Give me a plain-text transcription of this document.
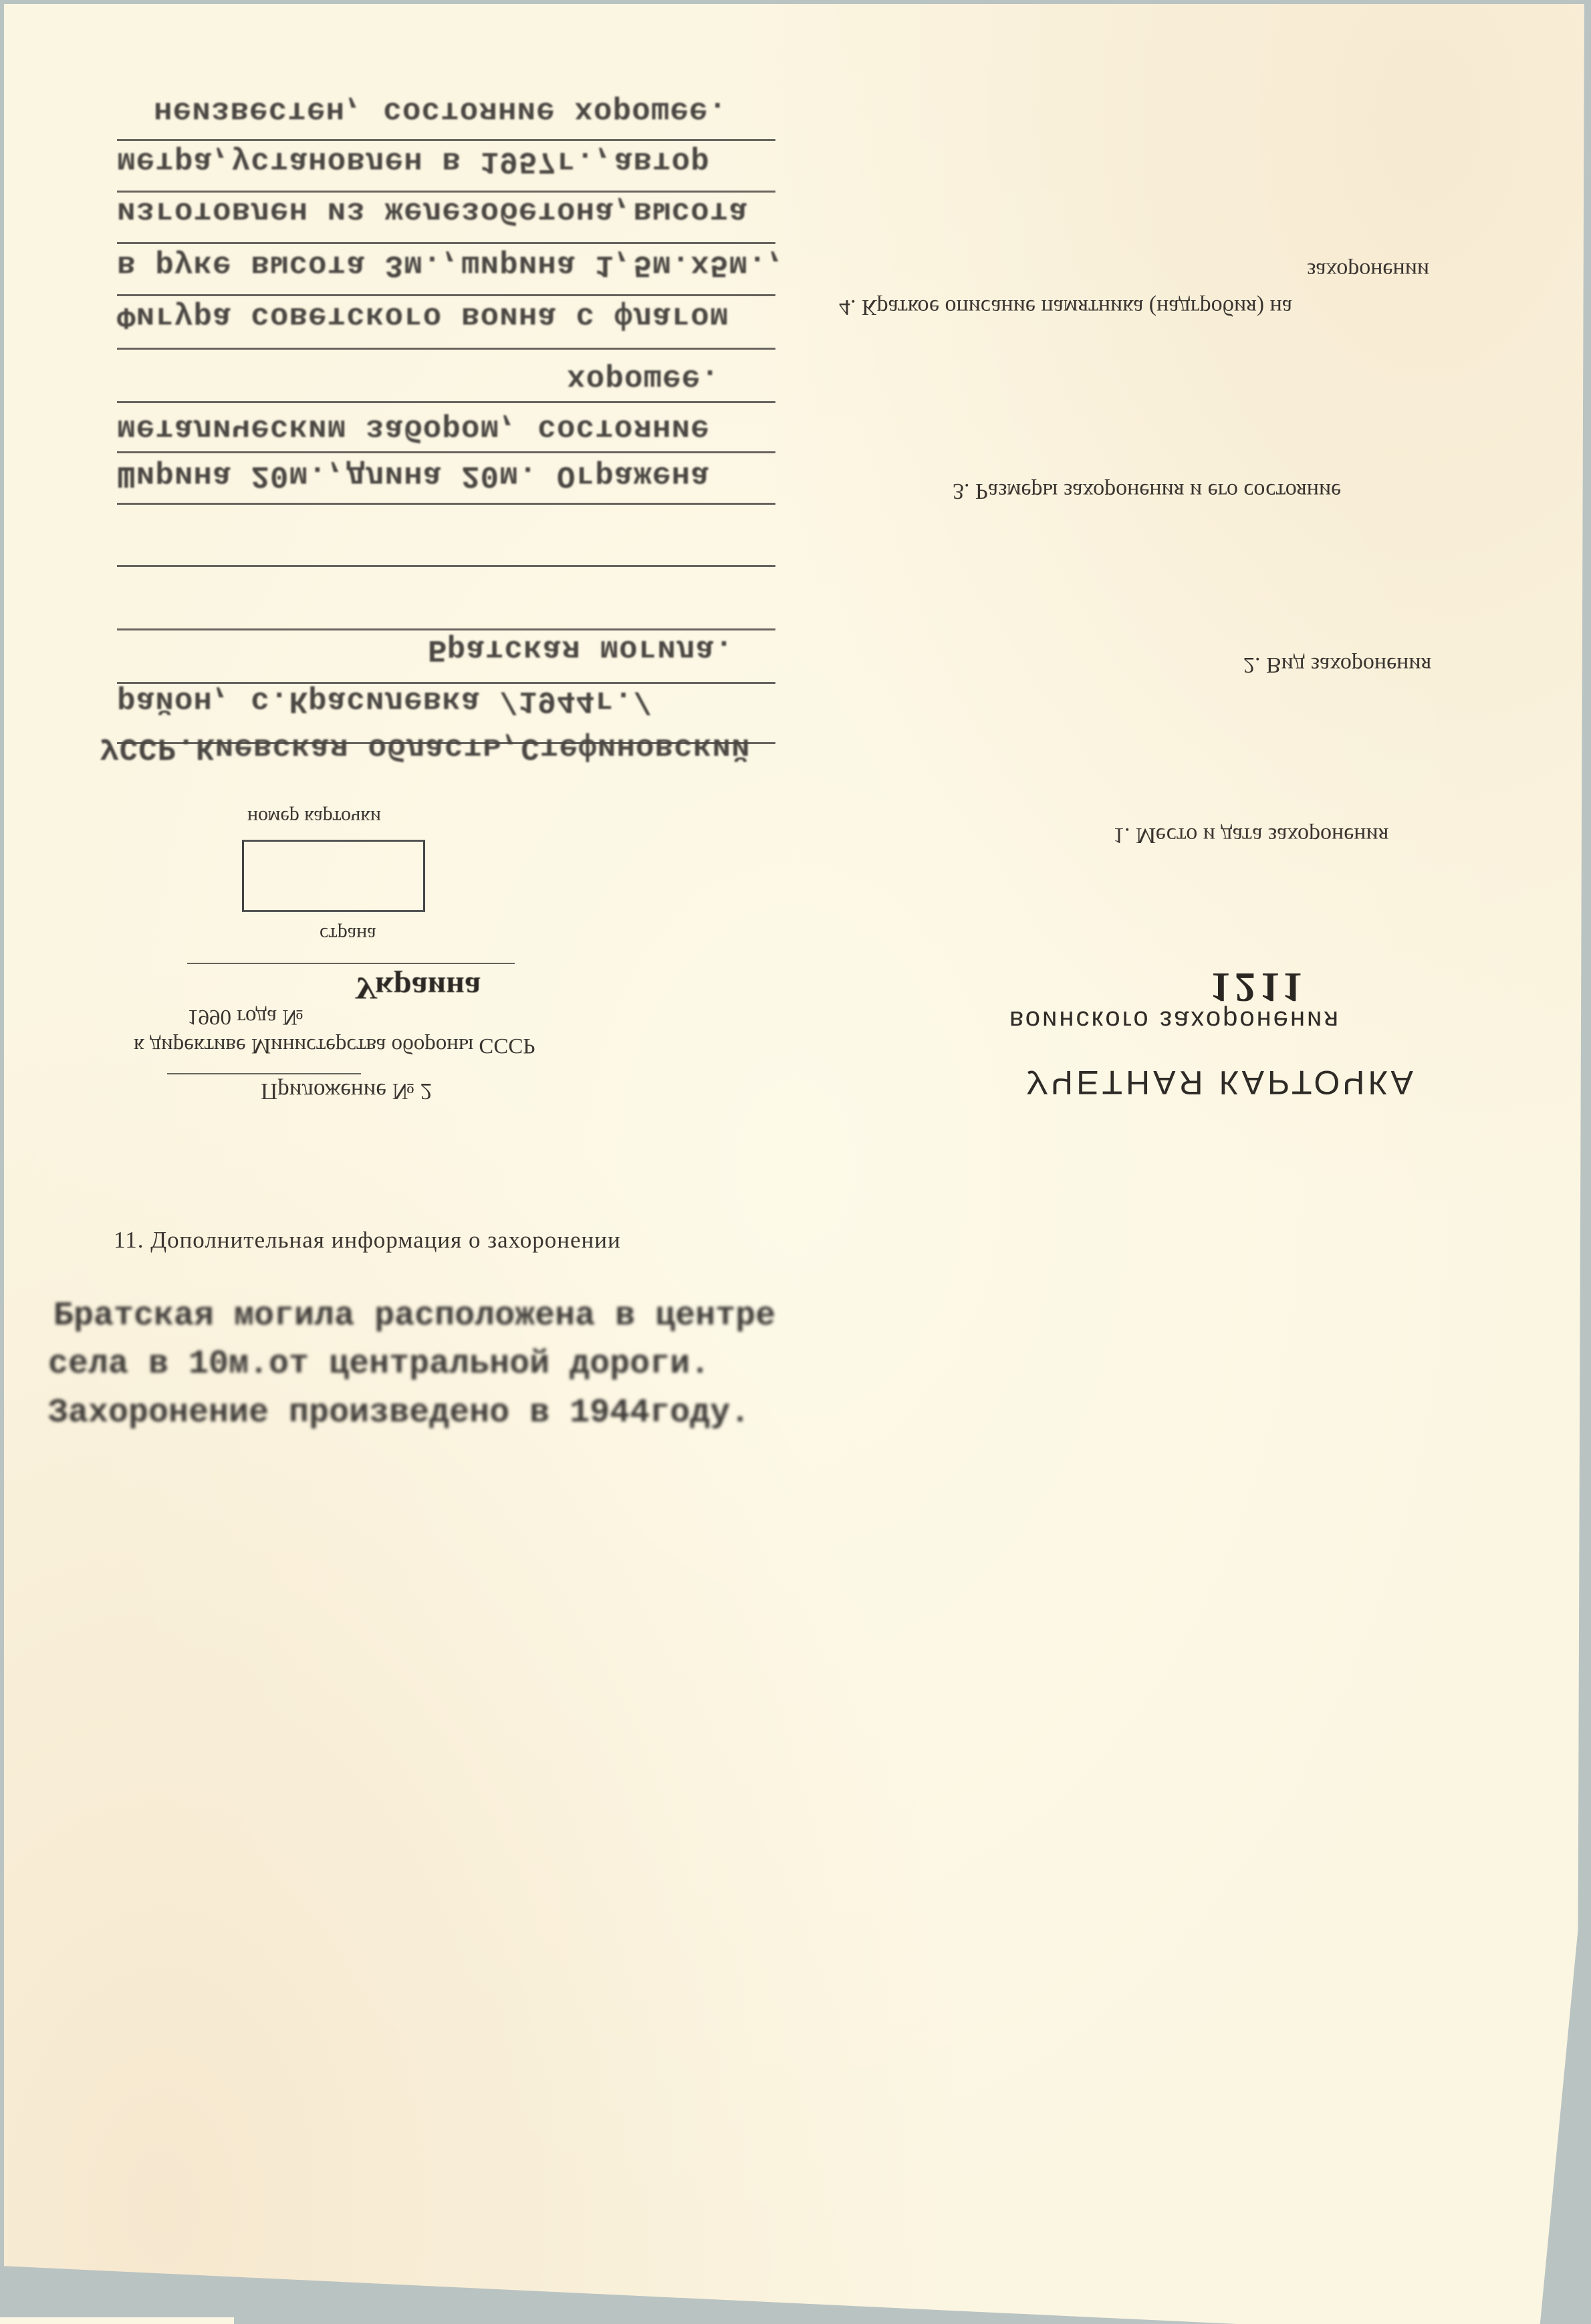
неизвестен, состояние хорошее.
метра,установлен в 1957г.,автор
изготовлен из железобетона,высота
в руке высота 3м.,ширина 1,5м.х5м.,
Фигура советского воина с флагом
хорошее.
металическим забором, состояние
Ширина 20м.,длина 20м. Огражена
Братская могила.
район, с.Красилевка /1944г./
УССР.Киевская область,Стефиновский
номер карточки
страна
Украина
1990 года №
к директиве Министерства обороны СССР
Приложение № 2
захоронении
4. Краткое описание памятника (надгробия) на
3. Размеры захоронения и его состояние
2. Вид захоронения
1. Место и дата захоронения
1211
воинского захоронения
УЧЕТНАЯ КАРТОЧКА
11. Дополнительная информация о захоронении
Братская могила расположена в центре
села в 10м.от центральной дороги.
Захоронение произведено в 1944году.
